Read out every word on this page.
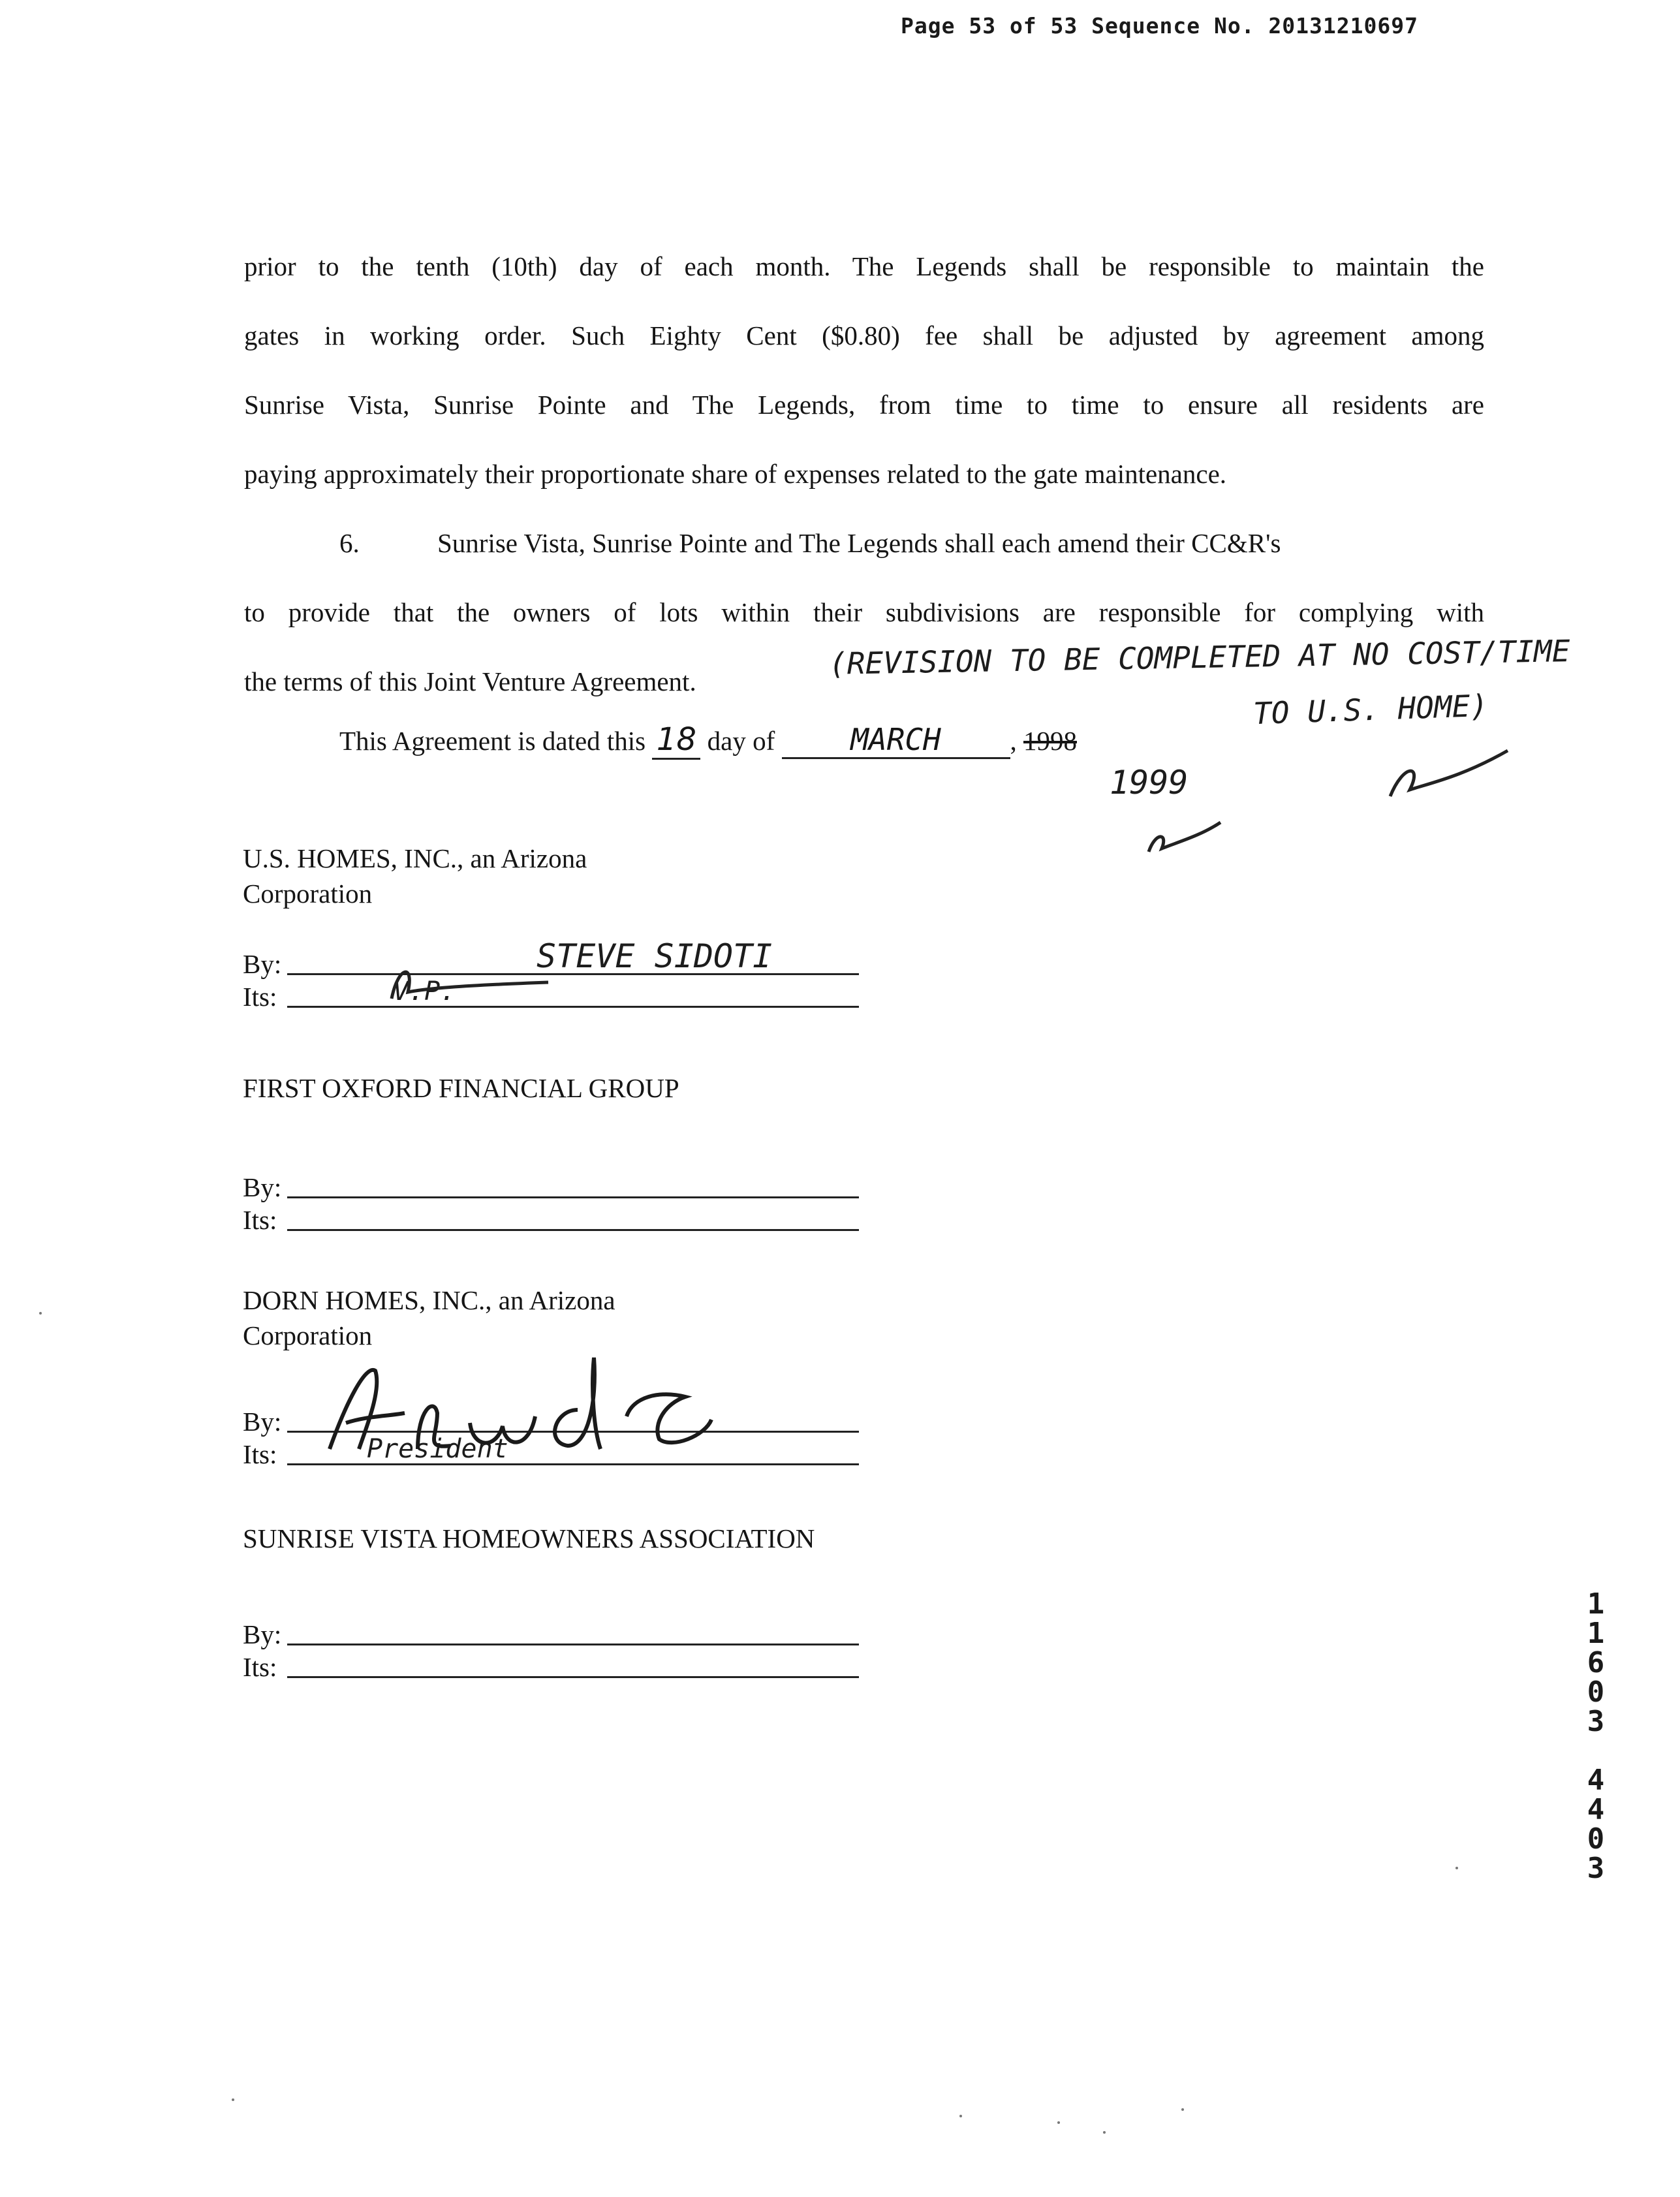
Page 53 of 53 Sequence No. 20131210697
prior to the tenth (10th) day of each month. The Legends shall be responsible to maintain the
gates in working order. Such Eighty Cent ($0.80) fee shall be adjusted by agreement among
Sunrise Vista, Sunrise Pointe and The Legends, from time to time to ensure all residents are
paying approximately their proportionate share of expenses related to the gate maintenance.
6.	Sunrise Vista, Sunrise Pointe and The Legends shall each amend their CC&R's
to provide that the owners of lots within their subdivisions are responsible for complying with
the terms of this Joint Venture Agreement.
(REVISION TO BE COMPLETED AT NO COST/TIME
TO U.S. HOME)
This Agreement is dated this 18 day of	MARCH	, 1998
1999
U.S. HOMES, INC., an Arizona
Corporation
By:	STEVE SIDOTI
Its:	V.P.
FIRST OXFORD FINANCIAL GROUP
By:
Its:
DORN HOMES, INC., an Arizona
Corporation
By:
Its:	President
SUNRISE VISTA HOMEOWNERS ASSOCIATION
By:
Its:
1
1
6
0
3
4
4
0
3
